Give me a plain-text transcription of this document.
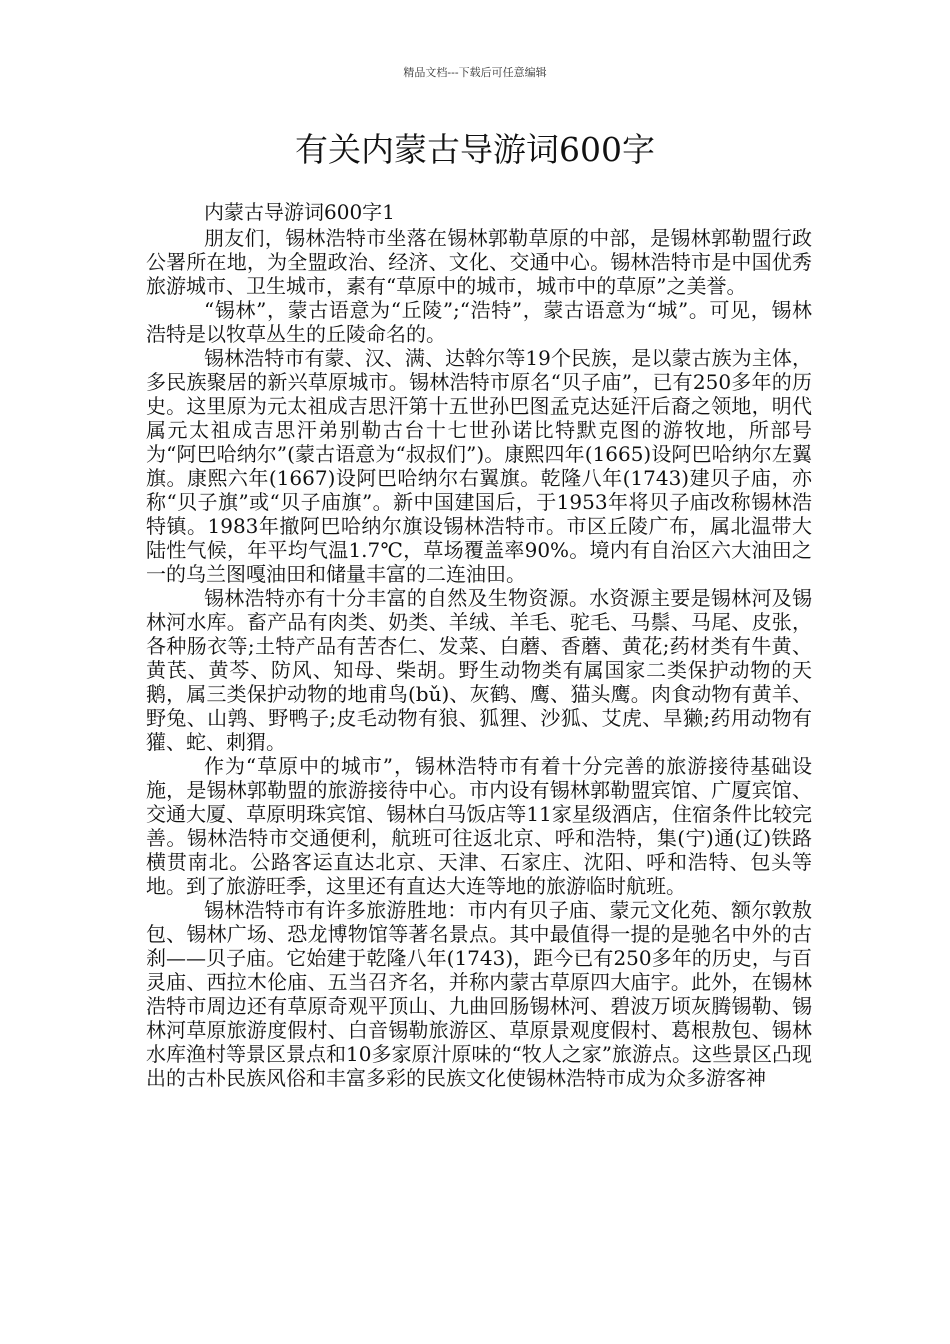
精品文档---下载后可任意编辑
有关内蒙古导游词600字

内蒙古导游词600字1

朋友们，锡林浩特市坐落在锡林郭勒草原的中部，是锡林郭勒盟行政公署所在地，为全盟政治、经济、文化、交通中心。锡林浩特市是中国优秀旅游城市、卫生城市，素有“草原中的城市，城市中的草原”之美誉。

“锡林”，蒙古语意为“丘陵”;“浩特”，蒙古语意为“城”。可见，锡林浩特是以牧草丛生的丘陵命名的。

锡林浩特市有蒙、汉、满、达斡尔等19个民族，是以蒙古族为主体，多民族聚居的新兴草原城市。锡林浩特市原名“贝子庙”，已有250多年的历史。这里原为元太祖成吉思汗第十五世孙巴图孟克达延汗后裔之领地，明代属元太祖成吉思汗弟别勒古台十七世孙诺比特默克图的游牧地，所部号为“阿巴哈纳尔”(蒙古语意为“叔叔们”)。康熙四年(1665)设阿巴哈纳尔左翼旗。康熙六年(1667)设阿巴哈纳尔右翼旗。乾隆八年(1743)建贝子庙，亦称“贝子旗”或“贝子庙旗”。新中国建国后，于1953年将贝子庙改称锡林浩特镇。1983年撤阿巴哈纳尔旗设锡林浩特市。市区丘陵广布，属北温带大陆性气候，年平均气温1.7℃，草场覆盖率90%。境内有自治区六大油田之一的乌兰图嘎油田和储量丰富的二连油田。

锡林浩特亦有十分丰富的自然及生物资源。水资源主要是锡林河及锡林河水库。畜产品有肉类、奶类、羊绒、羊毛、驼毛、马鬃、马尾、皮张，各种肠衣等;土特产品有苦杏仁、发菜、白蘑、香蘑、黄花;药材类有牛黄、黄芪、黄芩、防风、知母、柴胡。野生动物类有属国家二类保护动物的天鹅，属三类保护动物的地甫鸟(bǔ)、灰鹤、鹰、猫头鹰。肉食动物有黄羊、野兔、山鹑、野鸭子;皮毛动物有狼、狐狸、沙狐、艾虎、旱獭;药用动物有獾、蛇、刺猬。

作为“草原中的城市”，锡林浩特市有着十分完善的旅游接待基础设施，是锡林郭勒盟的旅游接待中心。市内设有锡林郭勒盟宾馆、广厦宾馆、交通大厦、草原明珠宾馆、锡林白马饭店等11家星级酒店，住宿条件比较完善。锡林浩特市交通便利，航班可往返北京、呼和浩特，集(宁)通(辽)铁路横贯南北。公路客运直达北京、天津、石家庄、沈阳、呼和浩特、包头等地。到了旅游旺季，这里还有直达大连等地的旅游临时航班。

锡林浩特市有许多旅游胜地：市内有贝子庙、蒙元文化苑、额尔敦敖包、锡林广场、恐龙博物馆等著名景点。其中最值得一提的是驰名中外的古刹——贝子庙。它始建于乾隆八年(1743)，距今已有250多年的历史，与百灵庙、西拉木伦庙、五当召齐名，并称内蒙古草原四大庙宇。此外，在锡林浩特市周边还有草原奇观平顶山、九曲回肠锡林河、碧波万顷灰腾锡勒、锡林河草原旅游度假村、白音锡勒旅游区、草原景观度假村、葛根敖包、锡林水库渔村等景区景点和10多家原汁原味的“牧人之家”旅游点。这些景区凸现出的古朴民族风俗和丰富多彩的民族文化使锡林浩特市成为众多游客神
